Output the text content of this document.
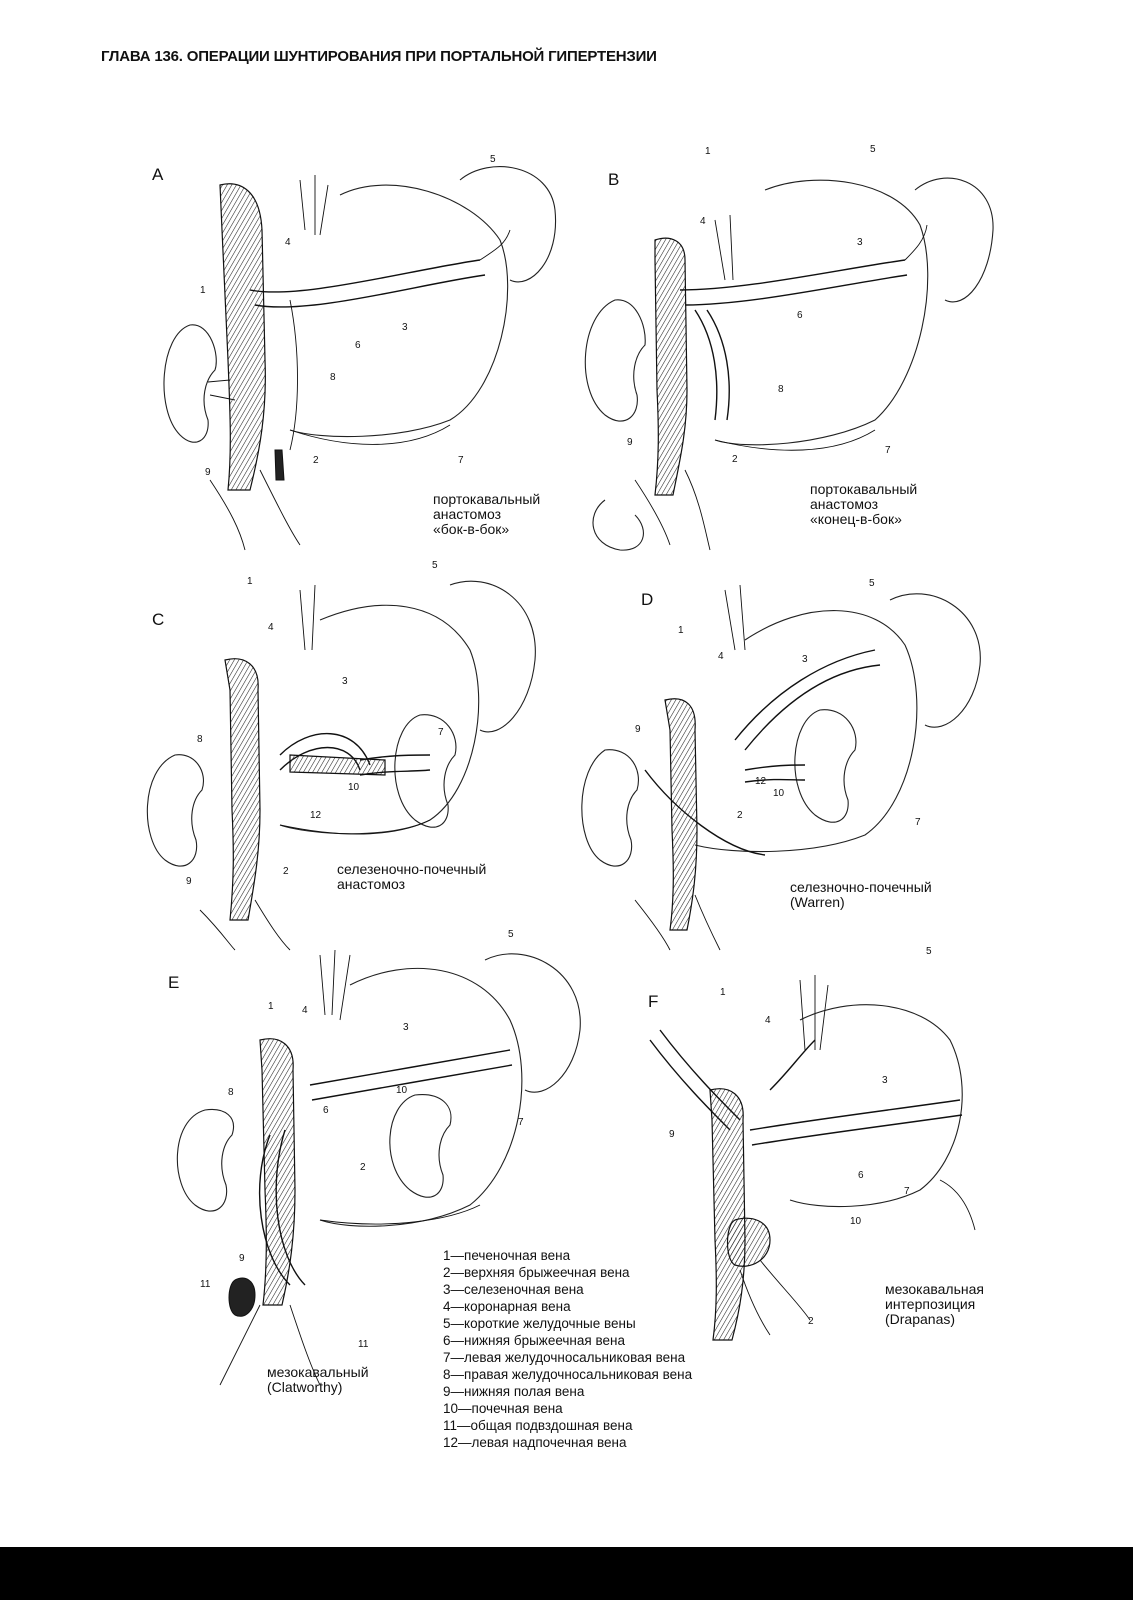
ГЛАВА 136. ОПЕРАЦИИ ШУНТИРОВАНИЯ ПРИ ПОРТАЛЬНОЙ ГИПЕРТЕНЗИИ
A
4
5
1
3
6
8
2	7
9
портокавальный
анастомоз
«бок-в-бок»
B
1	5
4
3
6
8
9
2
7
портокавальный
анастомоз
«конец-в-бок»
C
1
4
5
3
8
7
10
12
2
9
селезеночно-почечный
анастомоз
D
1
4
5
3
9
12
10
2
7
селезночно-почечный
(Warren)
E
1	4
5
3
8	10
6
7
2
9
11
11
мезокавальный
(Clatworthy)
F	1
4
5
3
9
6
7
10
2
мезокавальная
интерпозиция
(Drapanas)
1—печеночная вена
2—верхняя брыжеечная вена
3—селезеночная вена
4—коронарная вена
5—короткие желудочные вены
6—нижняя брыжеечная вена
7—левая желудочносальниковая вена
8—правая желудочносальниковая вена
9—нижняя полая вена
10—почечная вена
11—общая подвздошная вена
12—левая надпочечная вена
